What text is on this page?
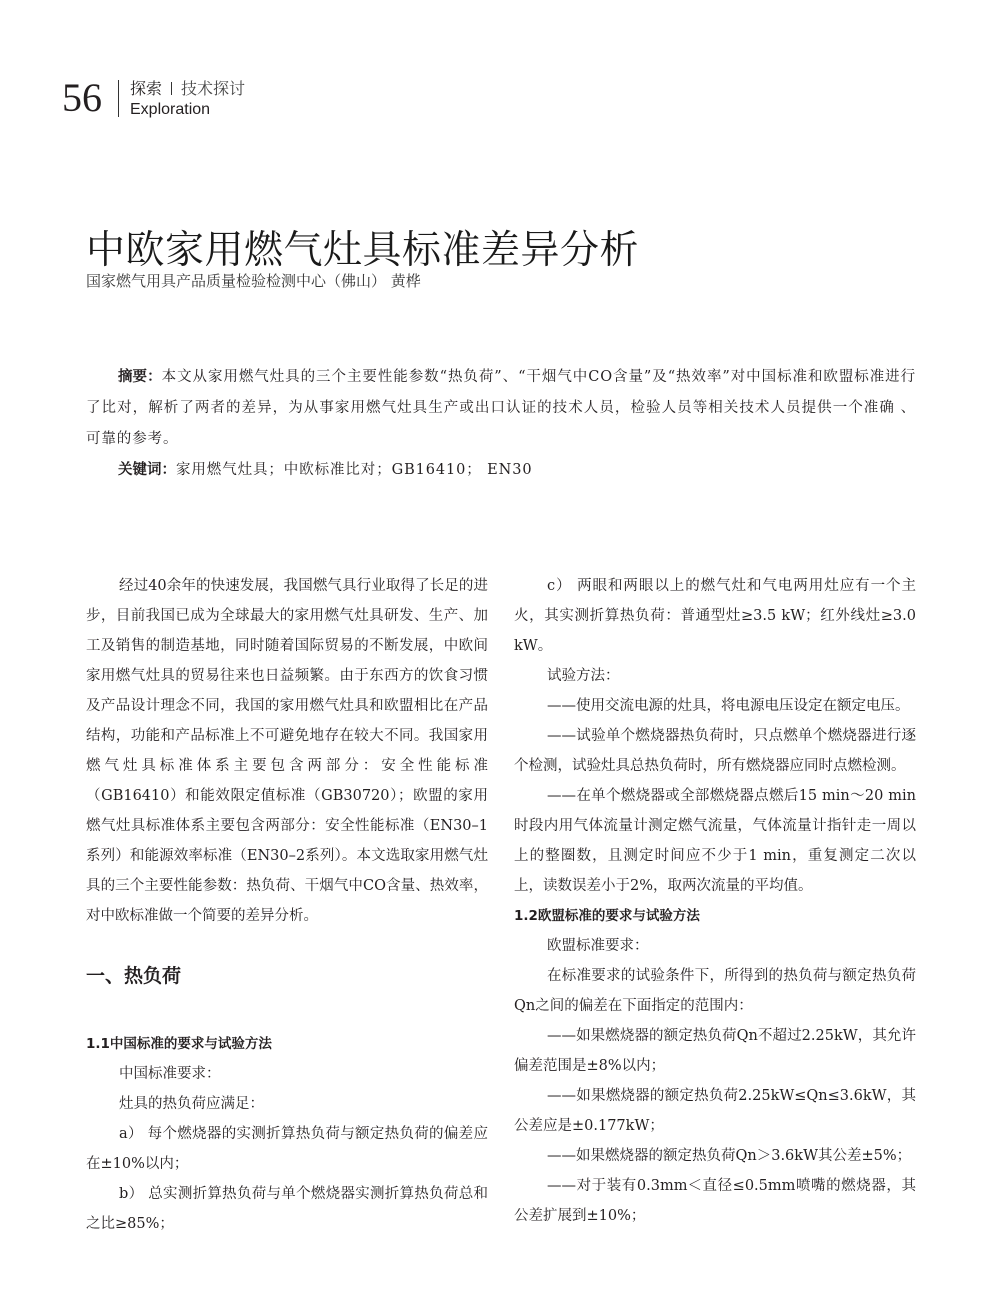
56 探索 技术探讨
Exploration
中欧家用燃气灶具标准差异分析
国家燃气用具产品质量检验检测中心（佛山） 黄桦

摘要：本文从家用燃气灶具的三个主要性能参数“热负荷”、“干烟气中CO含量”及“热效率”对中国标准和欧盟标准进行了比对，解析了两者的差异，为从事家用燃气灶具生产或出口认证的技术人员，检验人员等相关技术人员提供一个准确 、可靠的参考。

关键词：家用燃气灶具；中欧标准比对；GB16410； EN30

经过40余年的快速发展，我国燃气具行业取得了长足的进步，目前我国已成为全球最大的家用燃气灶具研发、生产、加工及销售的制造基地，同时随着国际贸易的不断发展，中欧间家用燃气灶具的贸易往来也日益频繁。由于东西方的饮食习惯及产品设计理念不同，我国的家用燃气灶具和欧盟相比在产品结构，功能和产品标准上不可避免地存在较大不同。我国家用燃气灶具标准体系主要包含两部分：安全性能标准（GB16410）和能效限定值标准（GB30720）；欧盟的家用燃气灶具标准体系主要包含两部分：安全性能标准（EN30–1系列）和能源效率标准（EN30–2系列）。本文选取家用燃气灶具的三个主要性能参数：热负荷、干烟气中CO含量、热效率，对中欧标准做一个简要的差异分析。

一、热负荷

1.1中国标准的要求与试验方法

中国标准要求：

灶具的热负荷应满足：

a） 每个燃烧器的实测折算热负荷与额定热负荷的偏差应在±10%以内；

b） 总实测折算热负荷与单个燃烧器实测折算热负荷总和之比≥85%；

c） 两眼和两眼以上的燃气灶和气电两用灶应有一个主火，其实测折算热负荷：普通型灶≥3.5 kW；红外线灶≥3.0 kW。

试验方法：

——使用交流电源的灶具，将电源电压设定在额定电压。

——试验单个燃烧器热负荷时，只点燃单个燃烧器进行逐个检测，试验灶具总热负荷时，所有燃烧器应同时点燃检测。

——在单个燃烧器或全部燃烧器点燃后15 min～20 min时段内用气体流量计测定燃气流量，气体流量计指针走一周以上的整圈数，且测定时间应不少于1 min，重复测定二次以上，读数误差小于2%，取两次流量的平均值。

1.2欧盟标准的要求与试验方法

欧盟标准要求：

在标准要求的试验条件下，所得到的热负荷与额定热负荷Qn之间的偏差在下面指定的范围内：

——如果燃烧器的额定热负荷Qn不超过2.25kW，其允许偏差范围是±8%以内；

——如果燃烧器的额定热负荷2.25kW≤Qn≤3.6kW，其公差应是±0.177kW；

——如果燃烧器的额定热负荷Qn＞3.6kW其公差±5%；

——对于装有0.3mm＜直径≤0.5mm喷嘴的燃烧器，其公差扩展到±10%；
